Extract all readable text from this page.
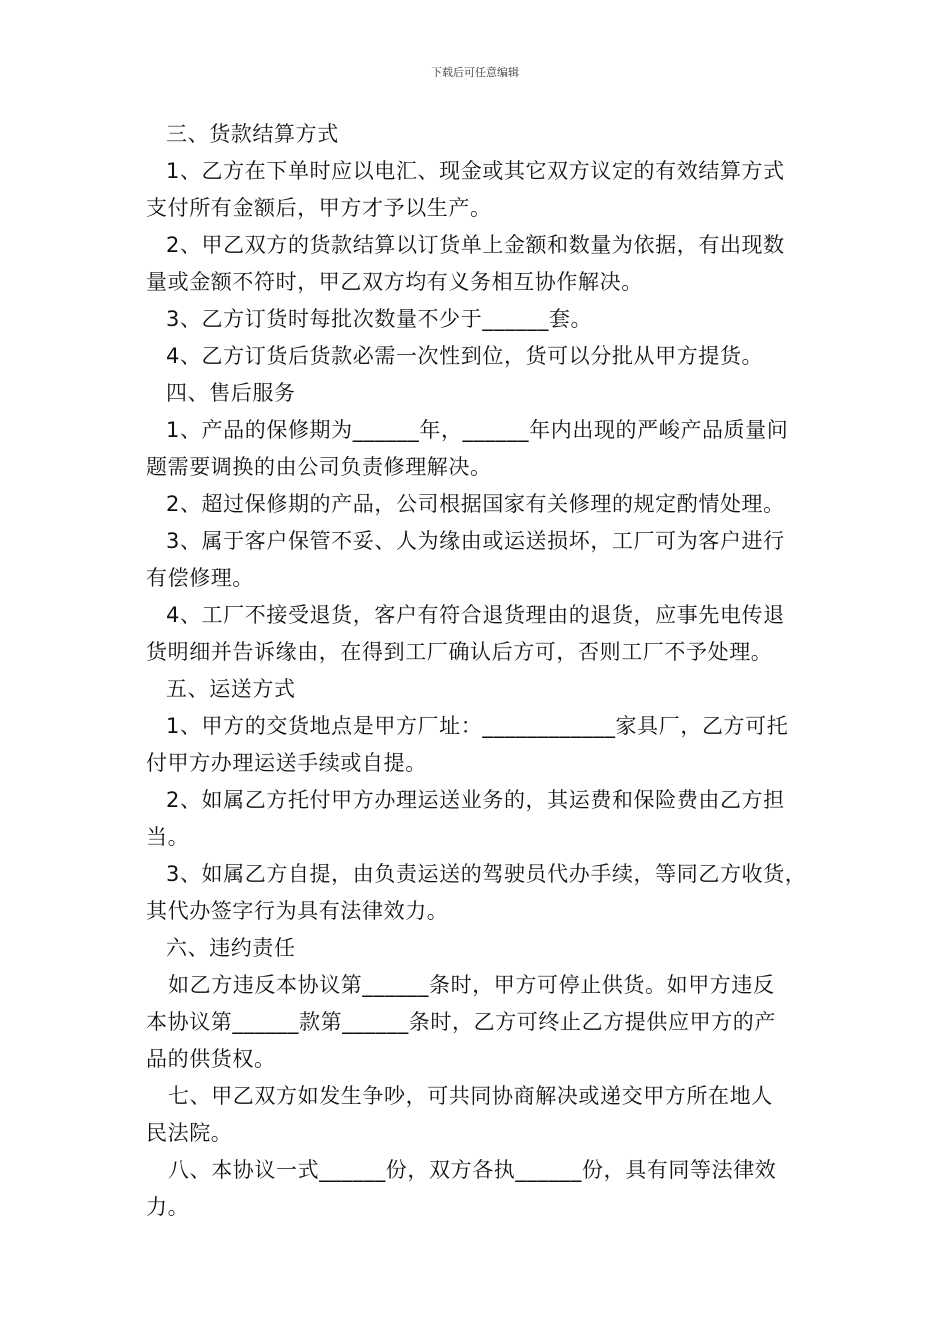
下载后可任意编辑
三、货款结算方式
1、乙方在下单时应以电汇、现金或其它双方议定的有效结算方式
支付所有金额后，甲方才予以生产。
2、甲乙双方的货款结算以订货单上金额和数量为依据，有出现数
量或金额不符时，甲乙双方均有义务相互协作解决。
3、乙方订货时每批次数量不少于______套。
4、乙方订货后货款必需一次性到位，货可以分批从甲方提货。
四、售后服务
1、产品的保修期为______年，______年内出现的严峻产品质量问
题需要调换的由公司负责修理解决。
2、超过保修期的产品，公司根据国家有关修理的规定酌情处理。
3、属于客户保管不妥、人为缘由或运送损坏，工厂可为客户进行
有偿修理。
4、工厂不接受退货，客户有符合退货理由的退货，应事先电传退
货明细并告诉缘由，在得到工厂确认后方可，否则工厂不予处理。
五、运送方式
1、甲方的交货地点是甲方厂址：____________家具厂，乙方可托
付甲方办理运送手续或自提。
2、如属乙方托付甲方办理运送业务的，其运费和保险费由乙方担
当。
3、如属乙方自提，由负责运送的驾驶员代办手续，等同乙方收货，
其代办签字行为具有法律效力。
六、违约责任
如乙方违反本协议第______条时，甲方可停止供货。如甲方违反
本协议第______款第______条时，乙方可终止乙方提供应甲方的产
品的供货权。
七、甲乙双方如发生争吵，可共同协商解决或递交甲方所在地人
民法院。
八、本协议一式______份，双方各执______份，具有同等法律效
力。
